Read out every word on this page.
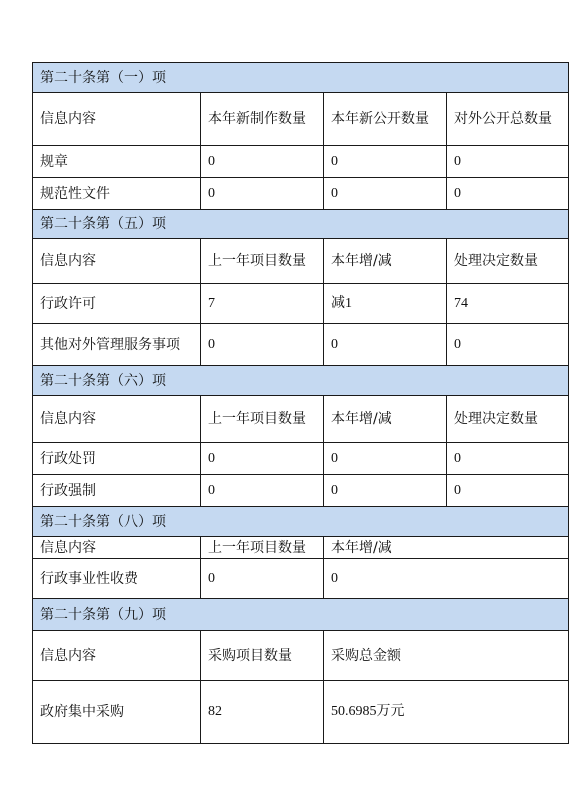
第二十条第（一）项			
信息内容	本年新制作数量	本年新公开数量	对外公开总数量
规章	0	0	0
规范性文件	0	0	0
第二十条第（五）项			
信息内容	上一年项目数量	本年增/减	处理决定数量
行政许可	7	减1	74
其他对外管理服务事项	0	0	0
第二十条第（六）项			
信息内容	上一年项目数量	本年增/减	处理决定数量
行政处罚	0	0	0
行政强制	0	0	0
第二十条第（八）项			
信息内容	上一年项目数量	本年增/减	
行政事业性收费	0	0	
第二十条第（九）项			
信息内容	采购项目数量	采购总金额	
政府集中采购	82	50.6985万元	
